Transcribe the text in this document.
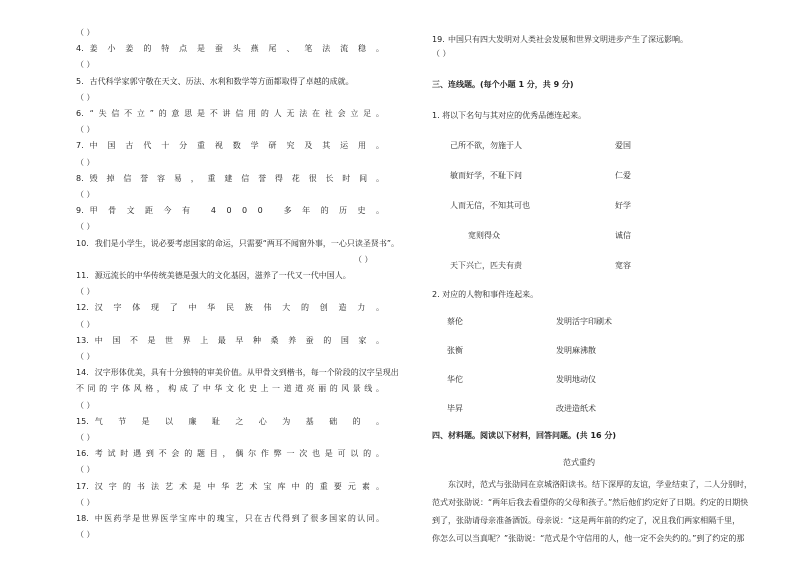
（ ）
4. 姜 小 姜 的 特 点 是 蚕 头 燕 尾 、 笔 法 流 稳 。
（ ）
5. 古代科学家郭守敬在天文、历法、水利和数学等方面都取得了卓越的成就。
（ ）
6. “ 失 信 不 立 ” 的 意 思 是 不 讲 信 用 的 人 无 法 在 社 会 立 足 。
（ ）
7. 中 国 古 代 十 分 重 视 数 学 研 究 及 其 运 用 。
（ ）
8. 毁 掉 信 誉 容 易 ， 重 建 信 誉 得 花 很 长 时 间 。
（ ）
9. 甲 骨 文 距 今 有	4 0 0 0	多 年 的 历 史 。
（ ）
10. 我们是小学生，说必要考虑国家的命运，只需要“两耳不闻窗外事，一心只读圣贤书”。
（ ）
11. 源远流长的中华传统美德是强大的文化基因，滋养了一代又一代中国人。
（ ）
12. 汉 字 体 现 了 中 华 民 族 伟 大 的 创 造 力 。
（ ）
13. 中 国 不 是 世 界 上 最 早 种 桑 养 蚕 的 国 家 。
（ ）
14. 汉字形体优美，具有十分独特的审美价值。从甲骨文到楷书，每一个阶段的汉字呈现出
不 同 的 字 体 风 格 ， 构 成 了 中 华 文 化 史 上 一 道 道 亮 丽 的 风 景 线 。
（ ）
15. 气 节 是 以 廉 耻 之 心 为 基 础 的 。
（ ）
16. 考 试 时 遇 到 不 会 的 题 目 ， 偶 尔 作 弊 一 次 也 是 可 以 的 。
（ ）
17. 汉 字 的 书 法 艺 术 是 中 华 艺 术 宝 库 中 的 重 要 元 素 。
（ ）
18. 中 医 药 学 是 世 界 医 学 宝 库 中 的 瑰 宝 ， 只 在 古 代 得 到 了 很 多 国 家 的 认 同 。
（ ）
19. 中国只有四大发明对人类社会发展和世界文明进步产生了深远影响。
（ ）
三、连线题。(每个小题 1 分，共 9 分)
1. 将以下名句与其对应的优秀品德连起来。
己所不欲，勿施于人	爱国
敏而好学，不耻下问	仁爱
人而无信，不知其可也	好学
宽则得众	诚信
天下兴亡，匹夫有责	宽容
2. 对应的人物和事件连起来。
蔡伦	发明活字印刷术
张衡	发明麻沸散
华佗	发明地动仪
毕昇	改进造纸术
四、材料题。阅读以下材料，回答问题。(共 16 分)
范式重约
东汉时，范式与张劭同在京城洛阳读书。结下深厚的友谊，学业结束了，二人分别时，
范式对张劭说：“两年后我去看望你的父母和孩子。”然后他们约定好了日期。约定的日期快
到了，张劭请母亲准备酒饭。母亲说：“这是两年前的约定了，况且我们两家相隔千里，
你怎么可以当真呢？”张劭说：“范式是个守信用的人，他一定不会失约的。”到了约定的那
